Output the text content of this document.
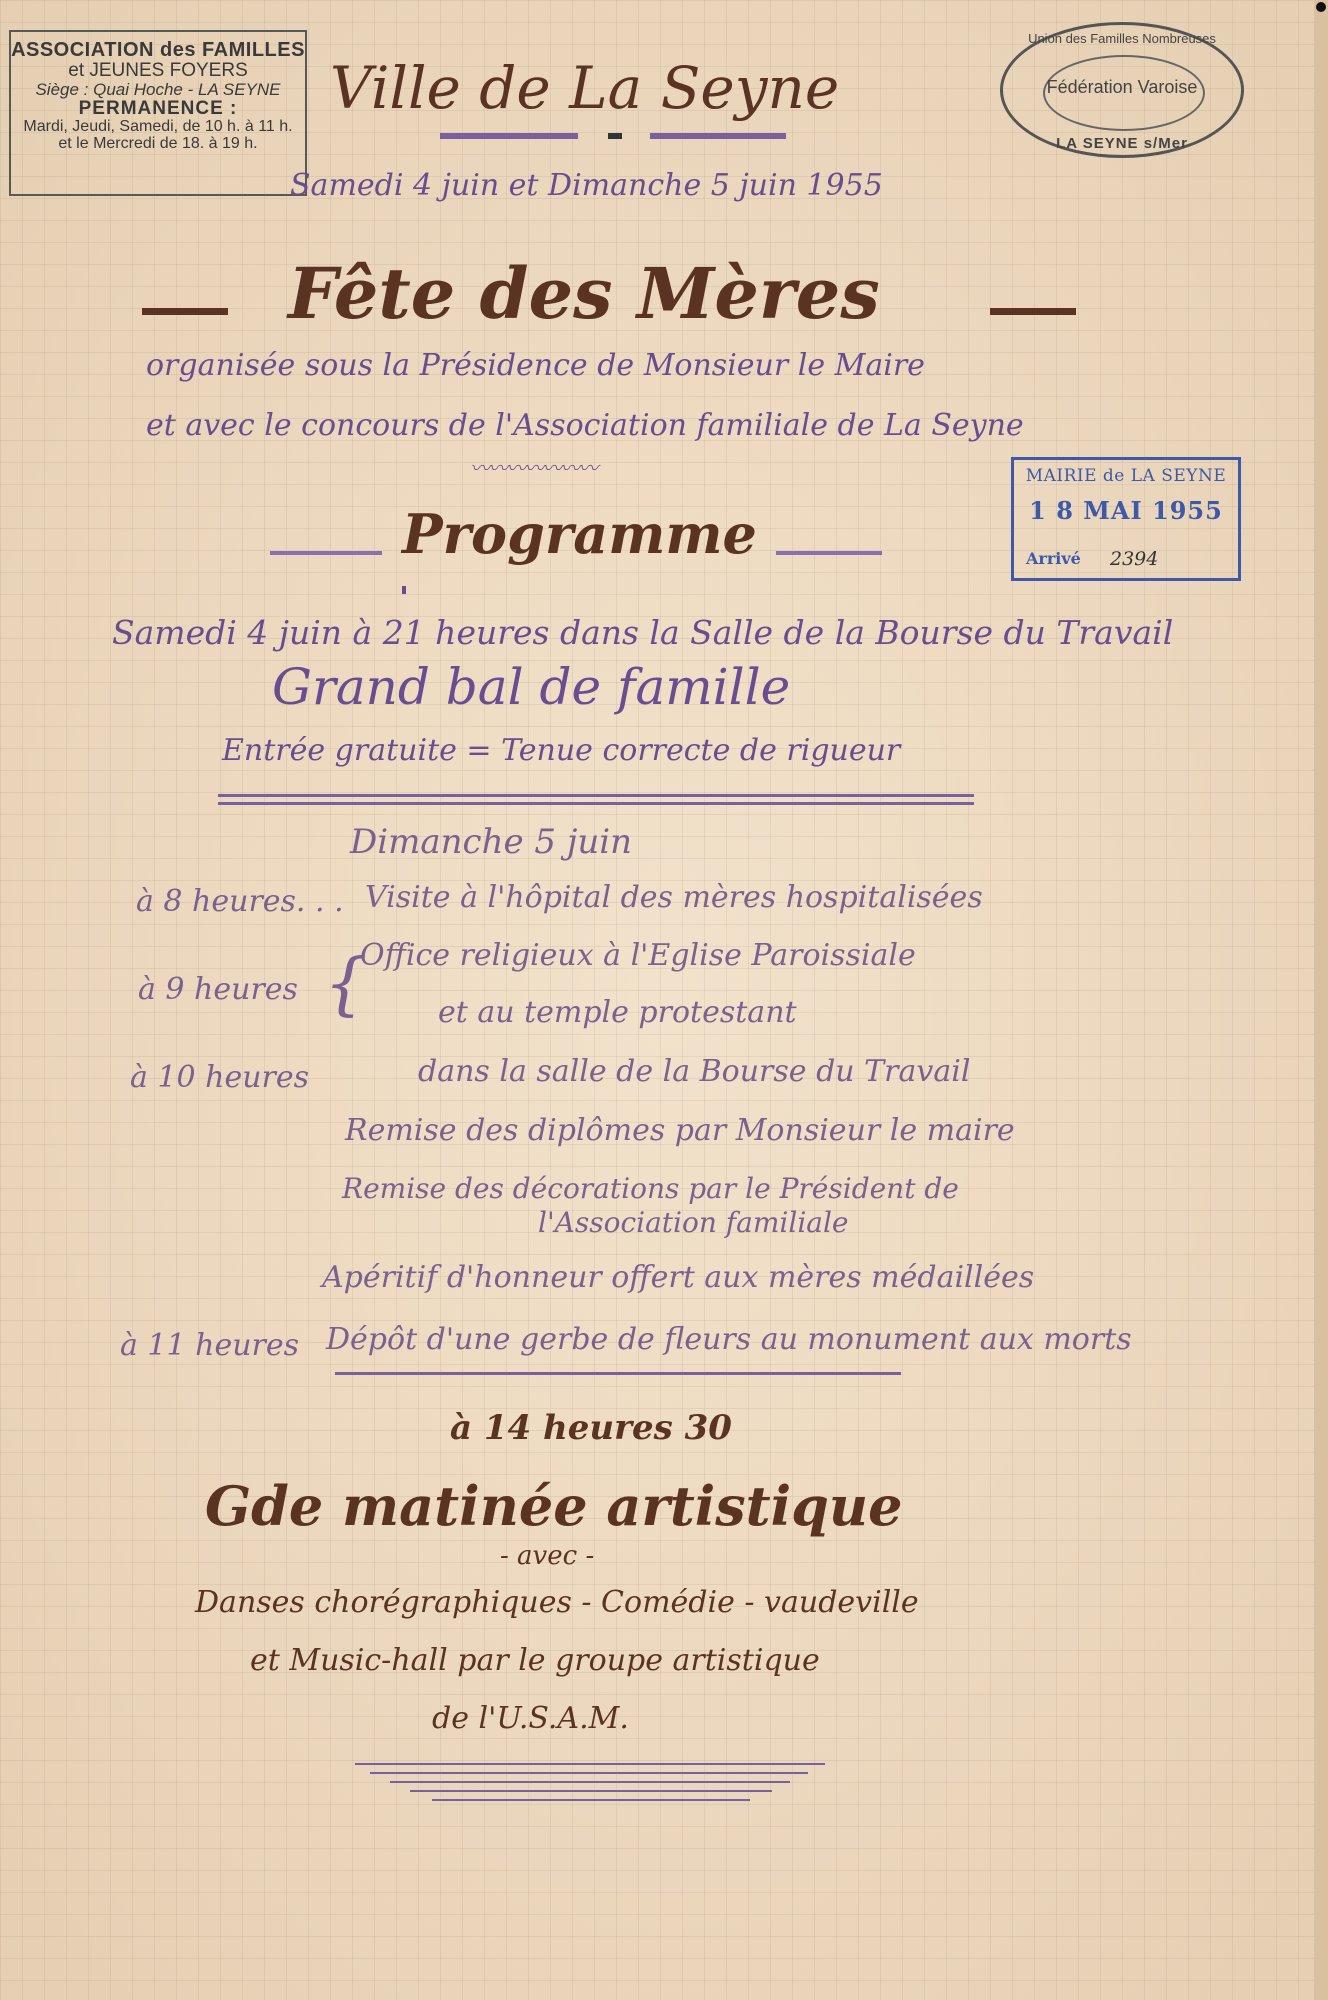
ASSOCIATION des FAMILLES
et JEUNES FOYERS
Siège : Quai Hoche - LA SEYNE
PERMANENCE :
Mardi, Jeudi, Samedi, de 10 h. à 11 h.
et le Mercredi de 18. à 19 h.
Union des Familles Nombreuses
Fédération Varoise
LA SEYNE s/Mer
Ville de La Seyne
Samedi 4 juin et Dimanche 5 juin 1955
Fête des Mères
organisée sous la Présidence de Monsieur le Maire
et avec le concours de l'Association familiale de La Seyne
〰〰〰〰〰〰〰	MAIRIE de LA SEYNE
1 8 MAI 1955
Arrivé 2394
Programme
Samedi 4 juin à 21 heures dans la Salle de la Bourse du Travail
Grand bal de famille
Entrée gratuite = Tenue correcte de rigueur
Dimanche 5 juin
à 8 heures. . . Visite à l'hôpital des mères hospitalisées
à 9 heures {
Office religieux à l'Eglise Paroissiale
et au temple protestant
à 10 heures	dans la salle de la Bourse du Travail
Remise des diplômes par Monsieur le maire
Remise des décorations par le Président de
l'Association familiale
Apéritif d'honneur offert aux mères médaillées
à 11 heures Dépôt d'une gerbe de fleurs au monument aux morts
à 14 heures 30
Gde matinée artistique
- avec -
Danses chorégraphiques - Comédie - vaudeville
et Music-hall par le groupe artistique
de l'U.S.A.M.
